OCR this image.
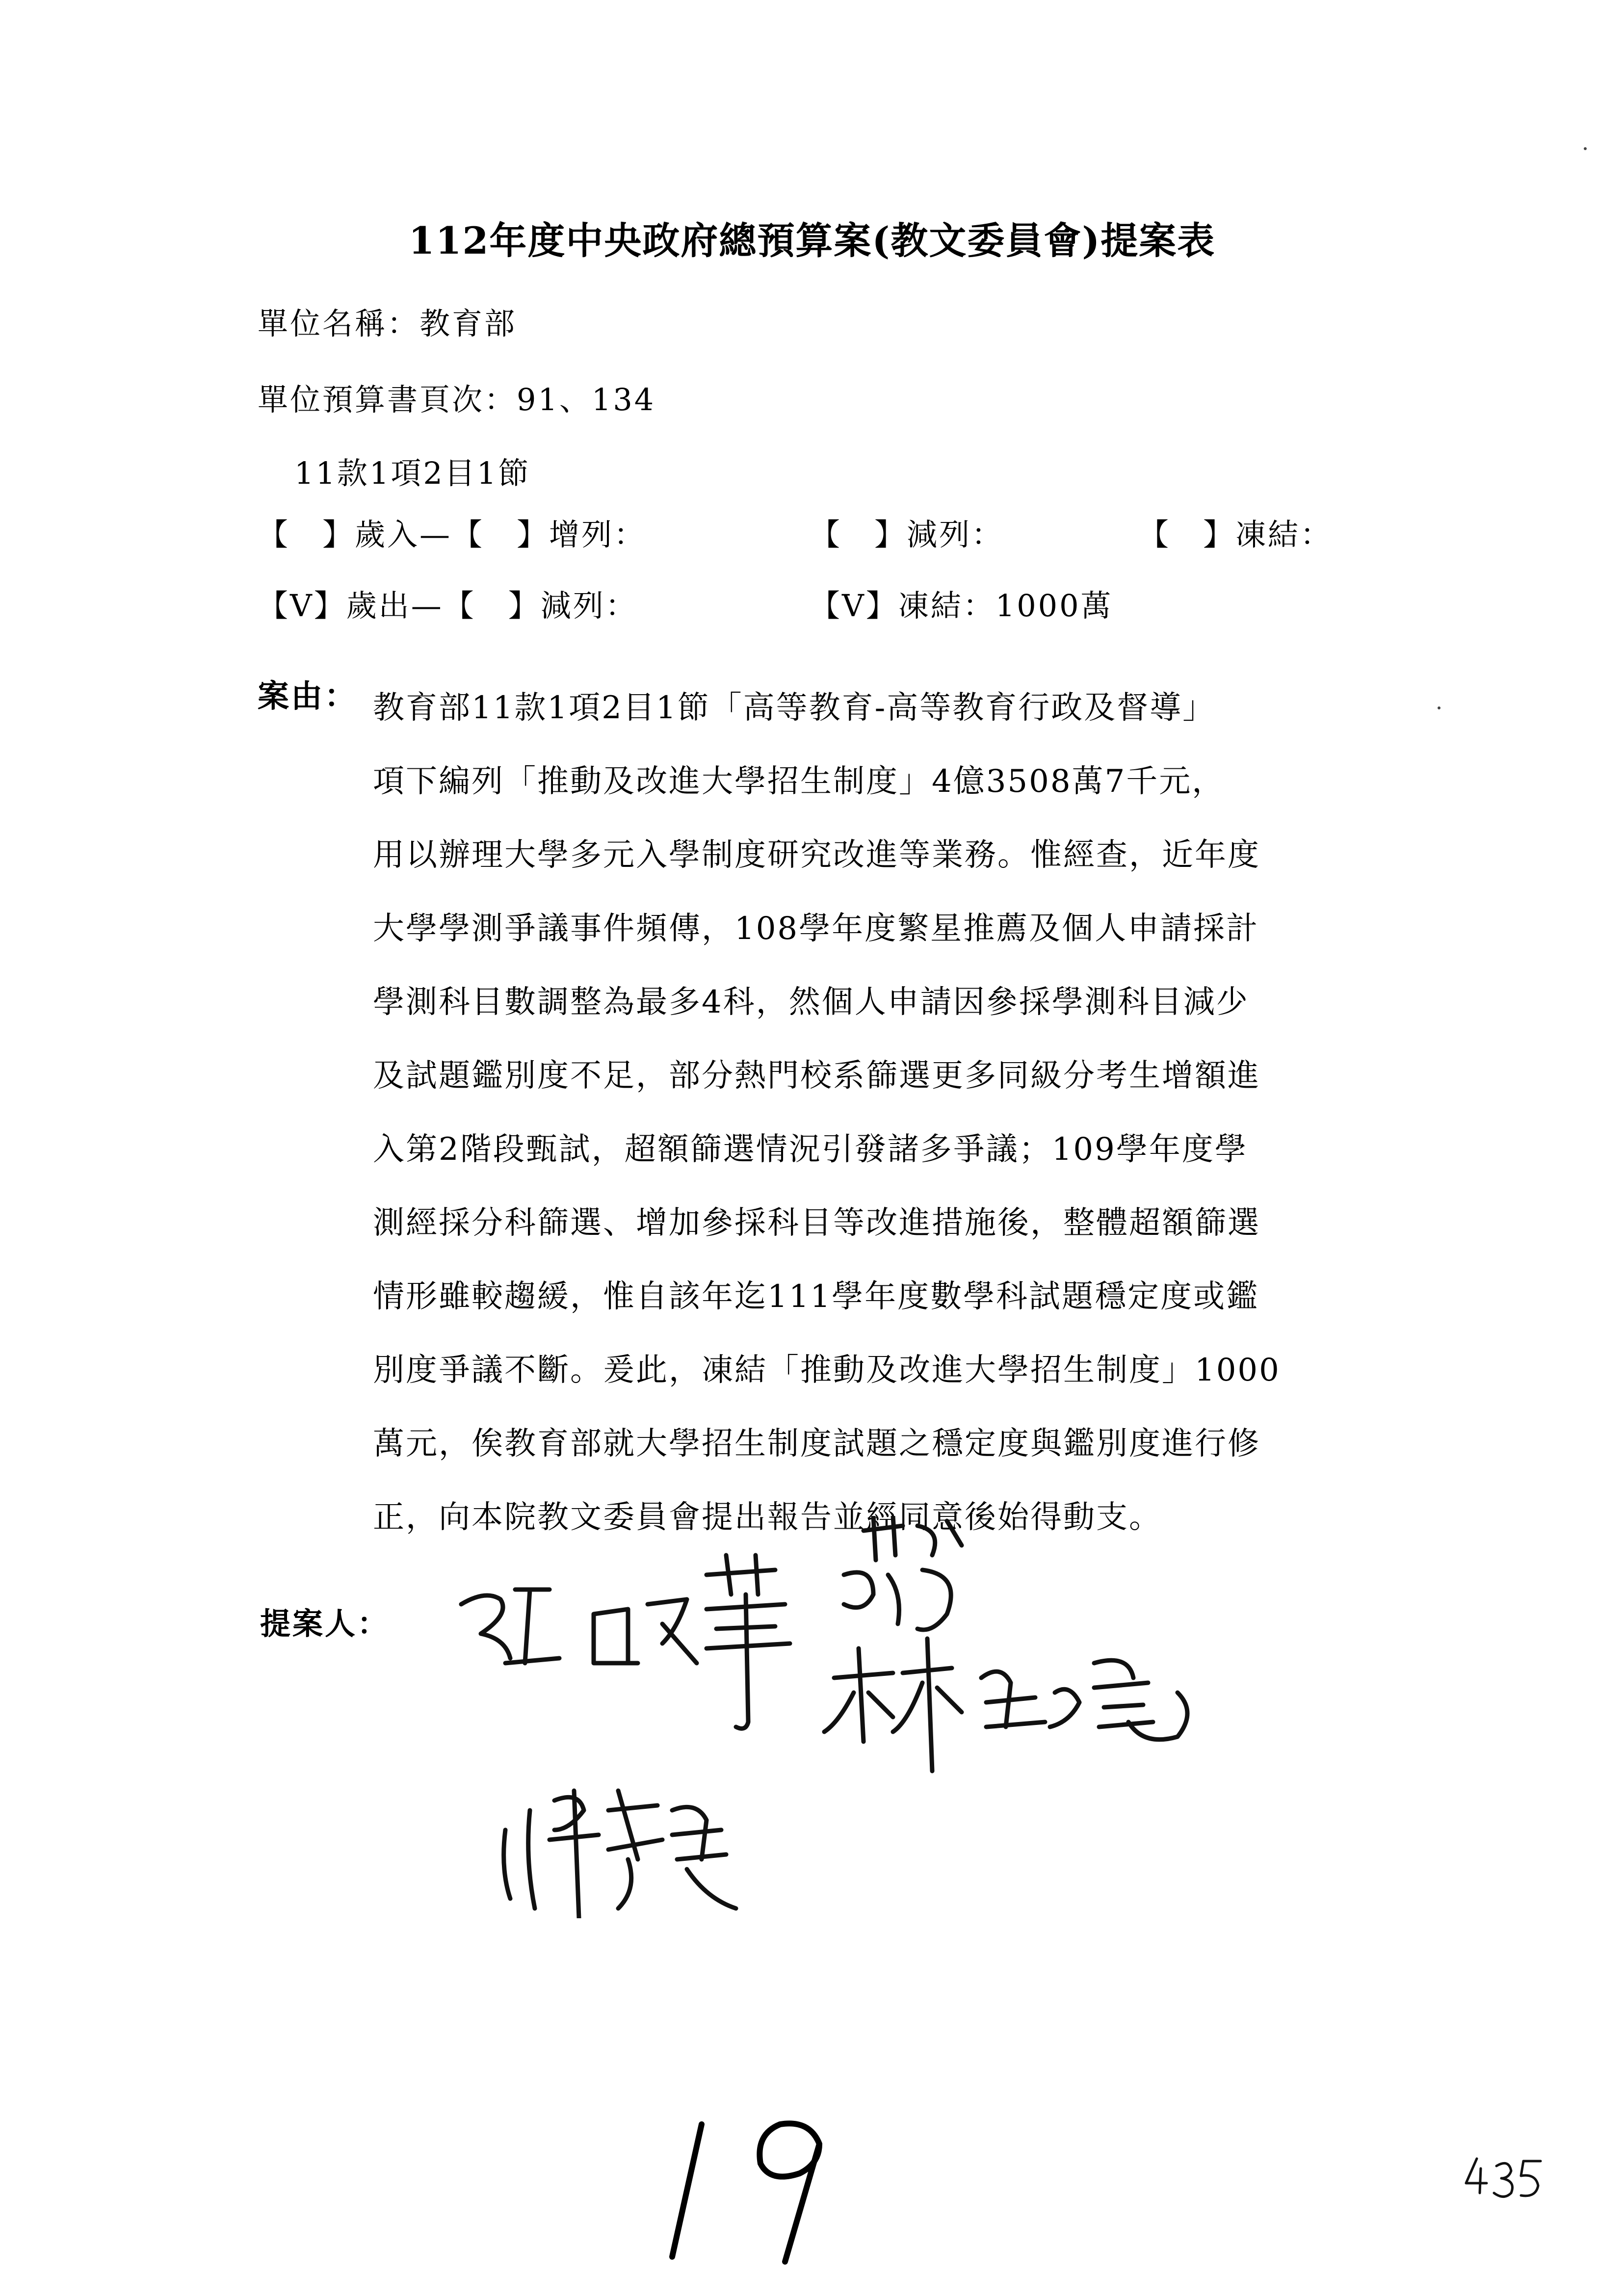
112年度中央政府總預算案(教文委員會)提案表
單位名稱：教育部
單位預算書頁次：91、134
11款1項2目1節
【　】歲入—【　】增列：	【　】減列：	【　】凍結：
【V】歲出—【　】減列：	【V】凍結：1000萬
案由： 教育部11款1項2目1節「高等教育-高等教育行政及督導」
項下編列「推動及改進大學招生制度」4億3508萬7千元，
用以辦理大學多元入學制度研究改進等業務。惟經查，近年度
大學學測爭議事件頻傳，108學年度繁星推薦及個人申請採計
學測科目數調整為最多4科，然個人申請因參採學測科目減少
及試題鑑別度不足，部分熱門校系篩選更多同級分考生增額進
入第2階段甄試，超額篩選情況引發諸多爭議；109學年度學
測經採分科篩選、增加參採科目等改進措施後，整體超額篩選
情形雖較趨緩，惟自該年迄111學年度數學科試題穩定度或鑑
別度爭議不斷。爰此，凍結「推動及改進大學招生制度」1000
萬元，俟教育部就大學招生制度試題之穩定度與鑑別度進行修
正，向本院教文委員會提出報告並經同意後始得動支。
提案人：
